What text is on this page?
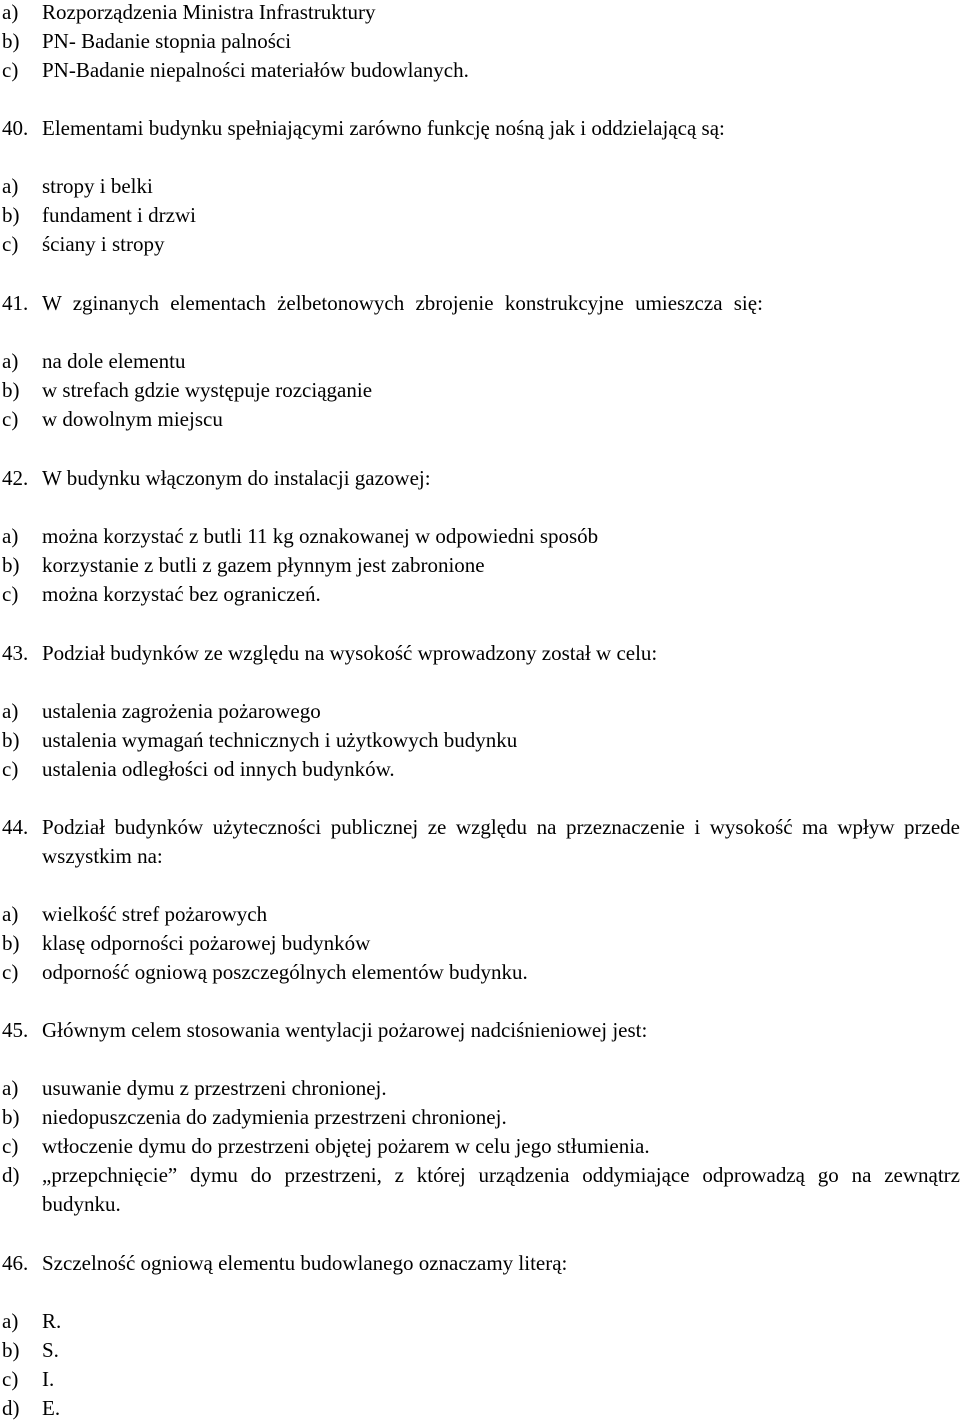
a) Rozporządzenia Ministra Infrastruktury
b) PN- Badanie stopnia palności
c) PN-Badanie niepalności materiałów budowlanych.
40. Elementami budynku spełniającymi zarówno funkcję nośną jak i oddzielającą są:
a) stropy i belki
b) fundament i drzwi
c) ściany i stropy
41. W zginanych elementach żelbetonowych zbrojenie konstrukcyjne umieszcza się:
a) na dole elementu
b) w strefach gdzie występuje rozciąganie
c) w dowolnym miejscu
42. W budynku włączonym do instalacji gazowej:
a) można korzystać z butli 11 kg oznakowanej w odpowiedni sposób
b) korzystanie z butli z gazem płynnym jest zabronione
c) można korzystać bez ograniczeń.
43. Podział budynków ze względu na wysokość wprowadzony został w celu:
a) ustalenia zagrożenia pożarowego
b) ustalenia wymagań technicznych i użytkowych budynku
c) ustalenia odległości od innych budynków.
44. Podział budynków użyteczności publicznej ze względu na przeznaczenie i wysokość ma wpływ przede wszystkim na:
a) wielkość stref pożarowych
b) klasę odporności pożarowej budynków
c) odporność ogniową poszczególnych elementów budynku.
45. Głównym celem stosowania wentylacji pożarowej nadciśnieniowej jest:
a) usuwanie dymu z przestrzeni chronionej.
b) niedopuszczenia do zadymienia przestrzeni chronionej.
c) wtłoczenie dymu do przestrzeni objętej pożarem w celu jego stłumienia.
d) „przepchnięcie” dymu do przestrzeni, z której urządzenia oddymiające odprowadzą go na zewnątrz budynku.
46. Szczelność ogniową elementu budowlanego oznaczamy literą:
a) R.
b) S.
c) I.
d) E.
